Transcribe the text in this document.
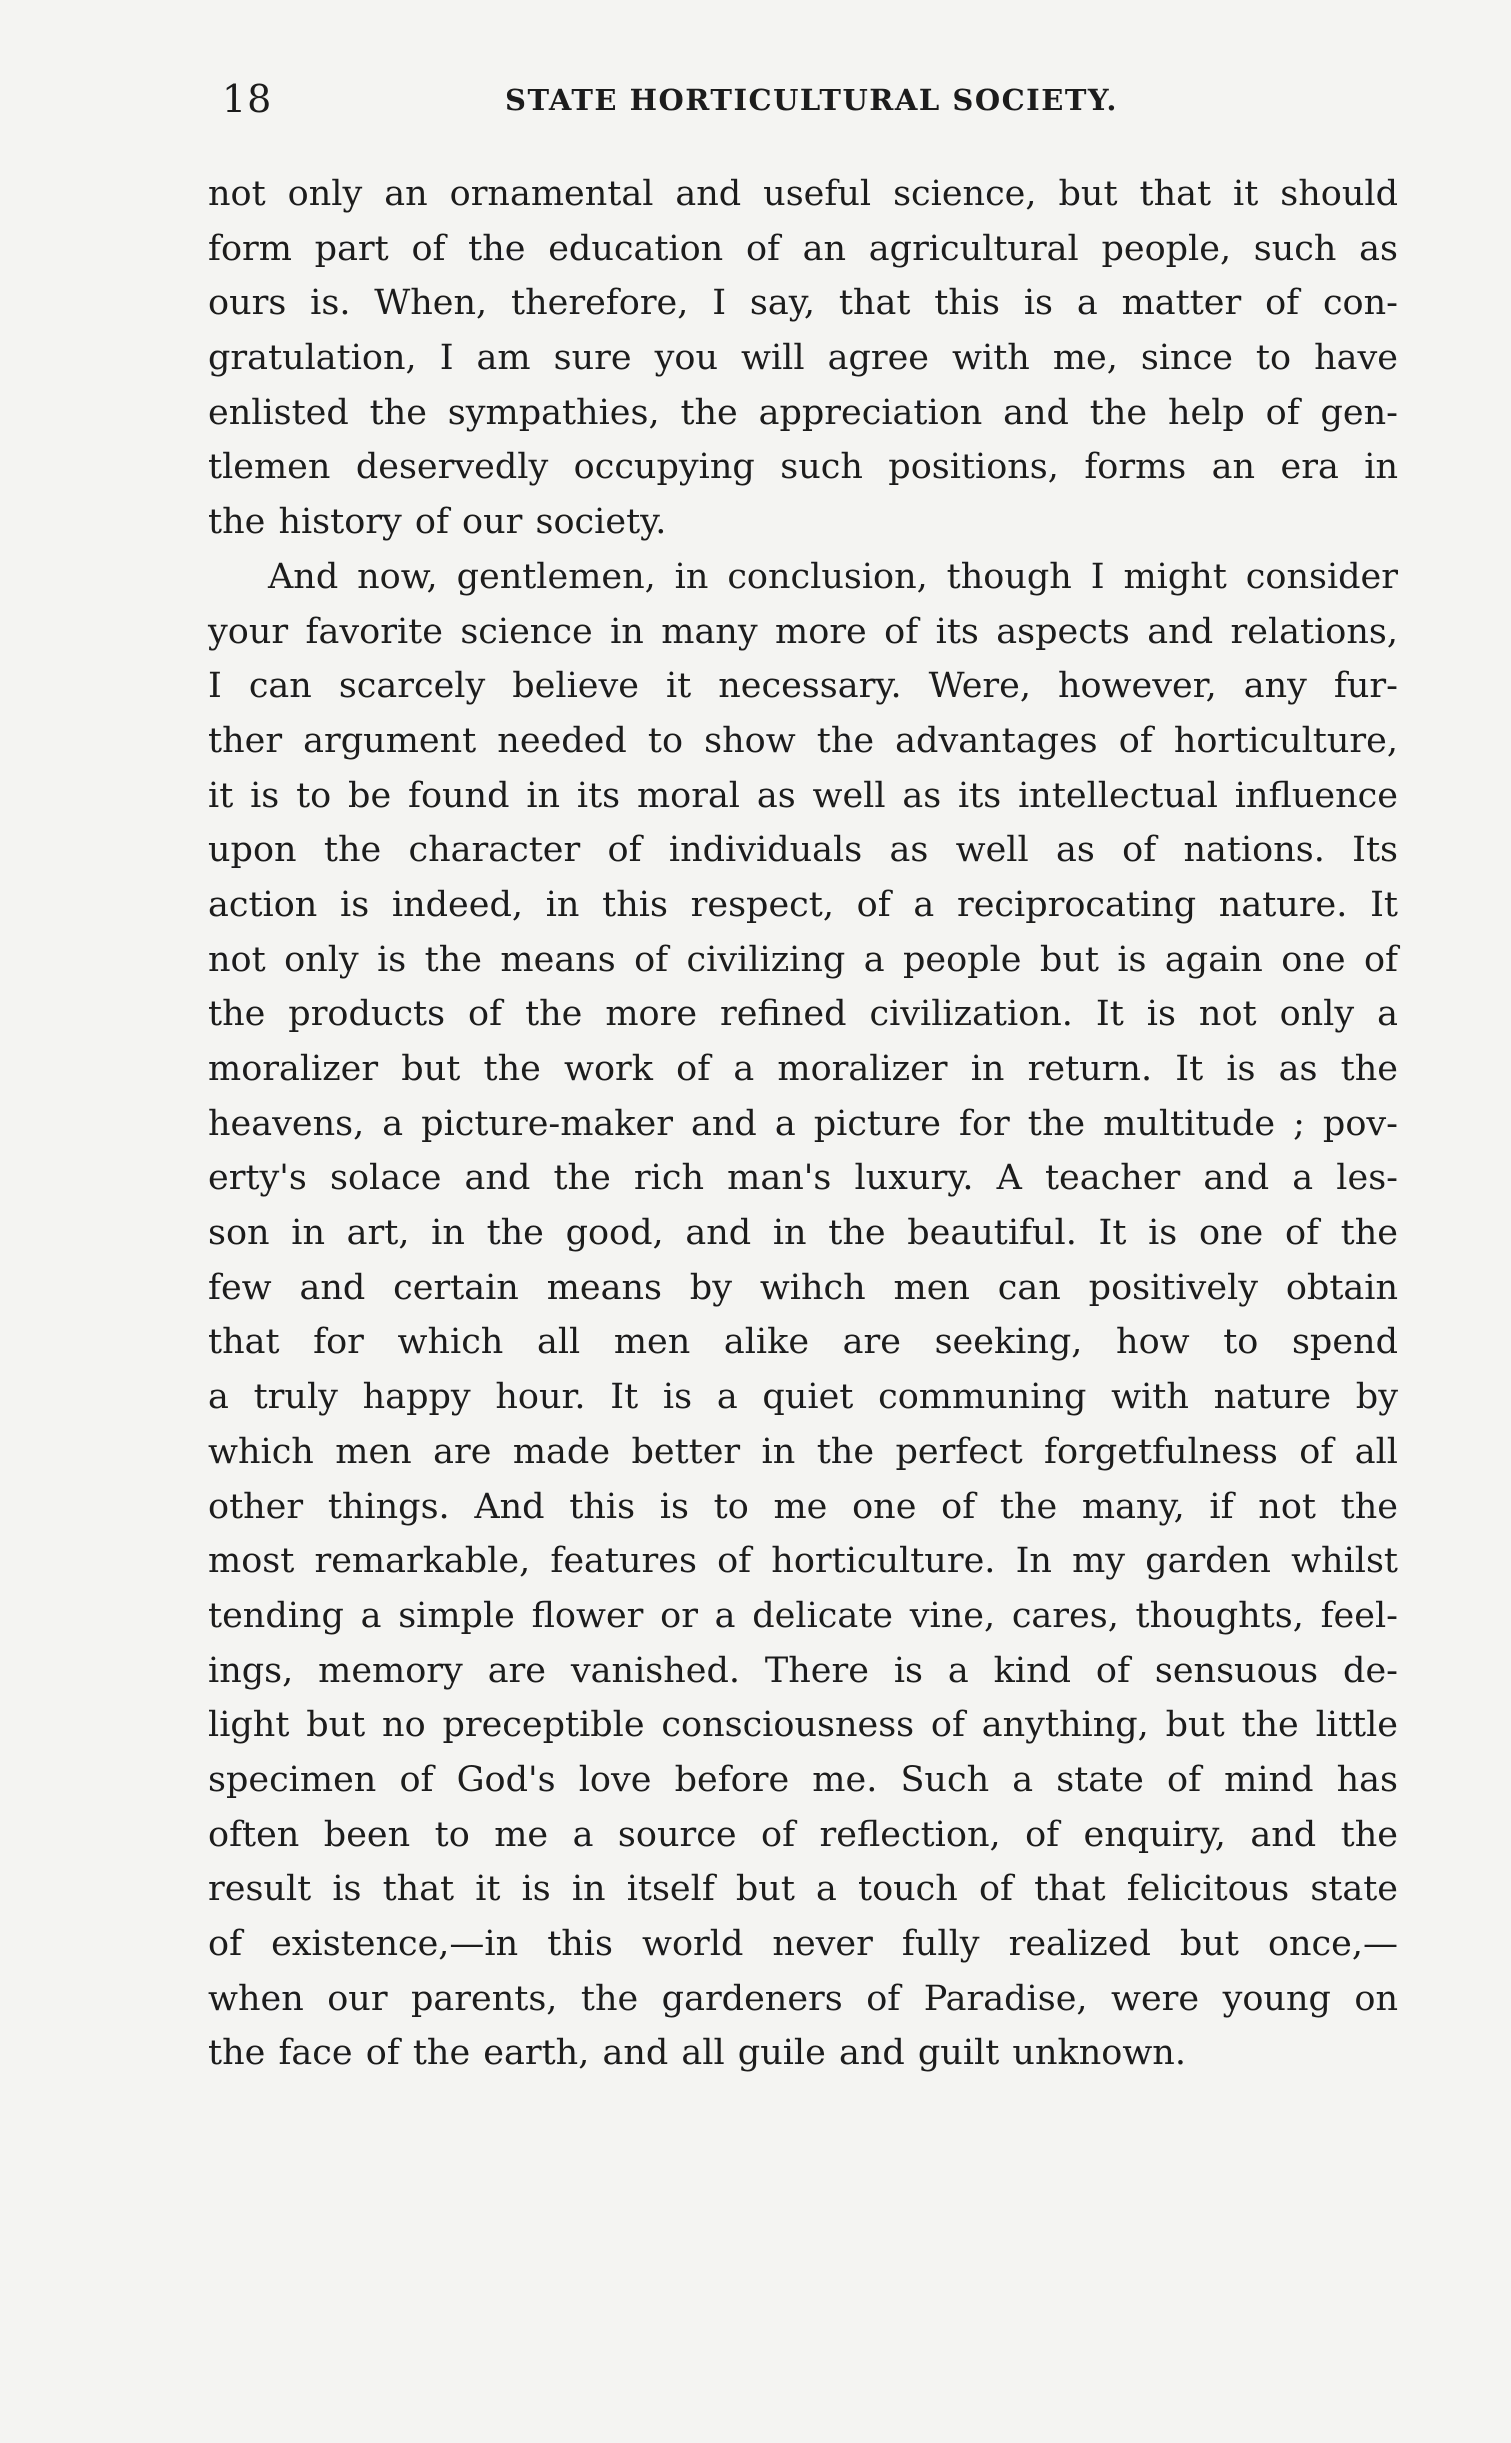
18	STATE HORTICULTURAL SOCIETY.
not only an ornamental and useful science, but that it should
form part of the education of an agricultural people, such as
ours is. When, therefore, I say, that this is a matter of con-
gratulation, I am sure you will agree with me, since to have
enlisted the sympathies, the appreciation and the help of gen-
tlemen deservedly occupying such positions, forms an era in
the history of our society.
And now, gentlemen, in conclusion, though I might consider
your favorite science in many more of its aspects and relations,
I can scarcely believe it necessary. Were, however, any fur-
ther argument needed to show the advantages of horticulture,
it is to be found in its moral as well as its intellectual influence
upon the character of individuals as well as of nations. Its
action is indeed, in this respect, of a reciprocating nature. It
not only is the means of civilizing a people but is again one of
the products of the more refined civilization. It is not only a
moralizer but the work of a moralizer in return. It is as the
heavens, a picture-maker and a picture for the multitude ; pov-
erty's solace and the rich man's luxury. A teacher and a les-
son in art, in the good, and in the beautiful. It is one of the
few and certain means by wihch men can positively obtain
that for which all men alike are seeking, how to spend
a truly happy hour. It is a quiet communing with nature by
which men are made better in the perfect forgetfulness of all
other things. And this is to me one of the many, if not the
most remarkable, features of horticulture. In my garden whilst
tending a simple flower or a delicate vine, cares, thoughts, feel-
ings, memory are vanished. There is a kind of sensuous de-
light but no preceptible consciousness of anything, but the little
specimen of God's love before me. Such a state of mind has
often been to me a source of reflection, of enquiry, and the
result is that it is in itself but a touch of that felicitous state
of existence,—in this world never fully realized but once,—
when our parents, the gardeners of Paradise, were young on
the face of the earth, and all guile and guilt unknown.
